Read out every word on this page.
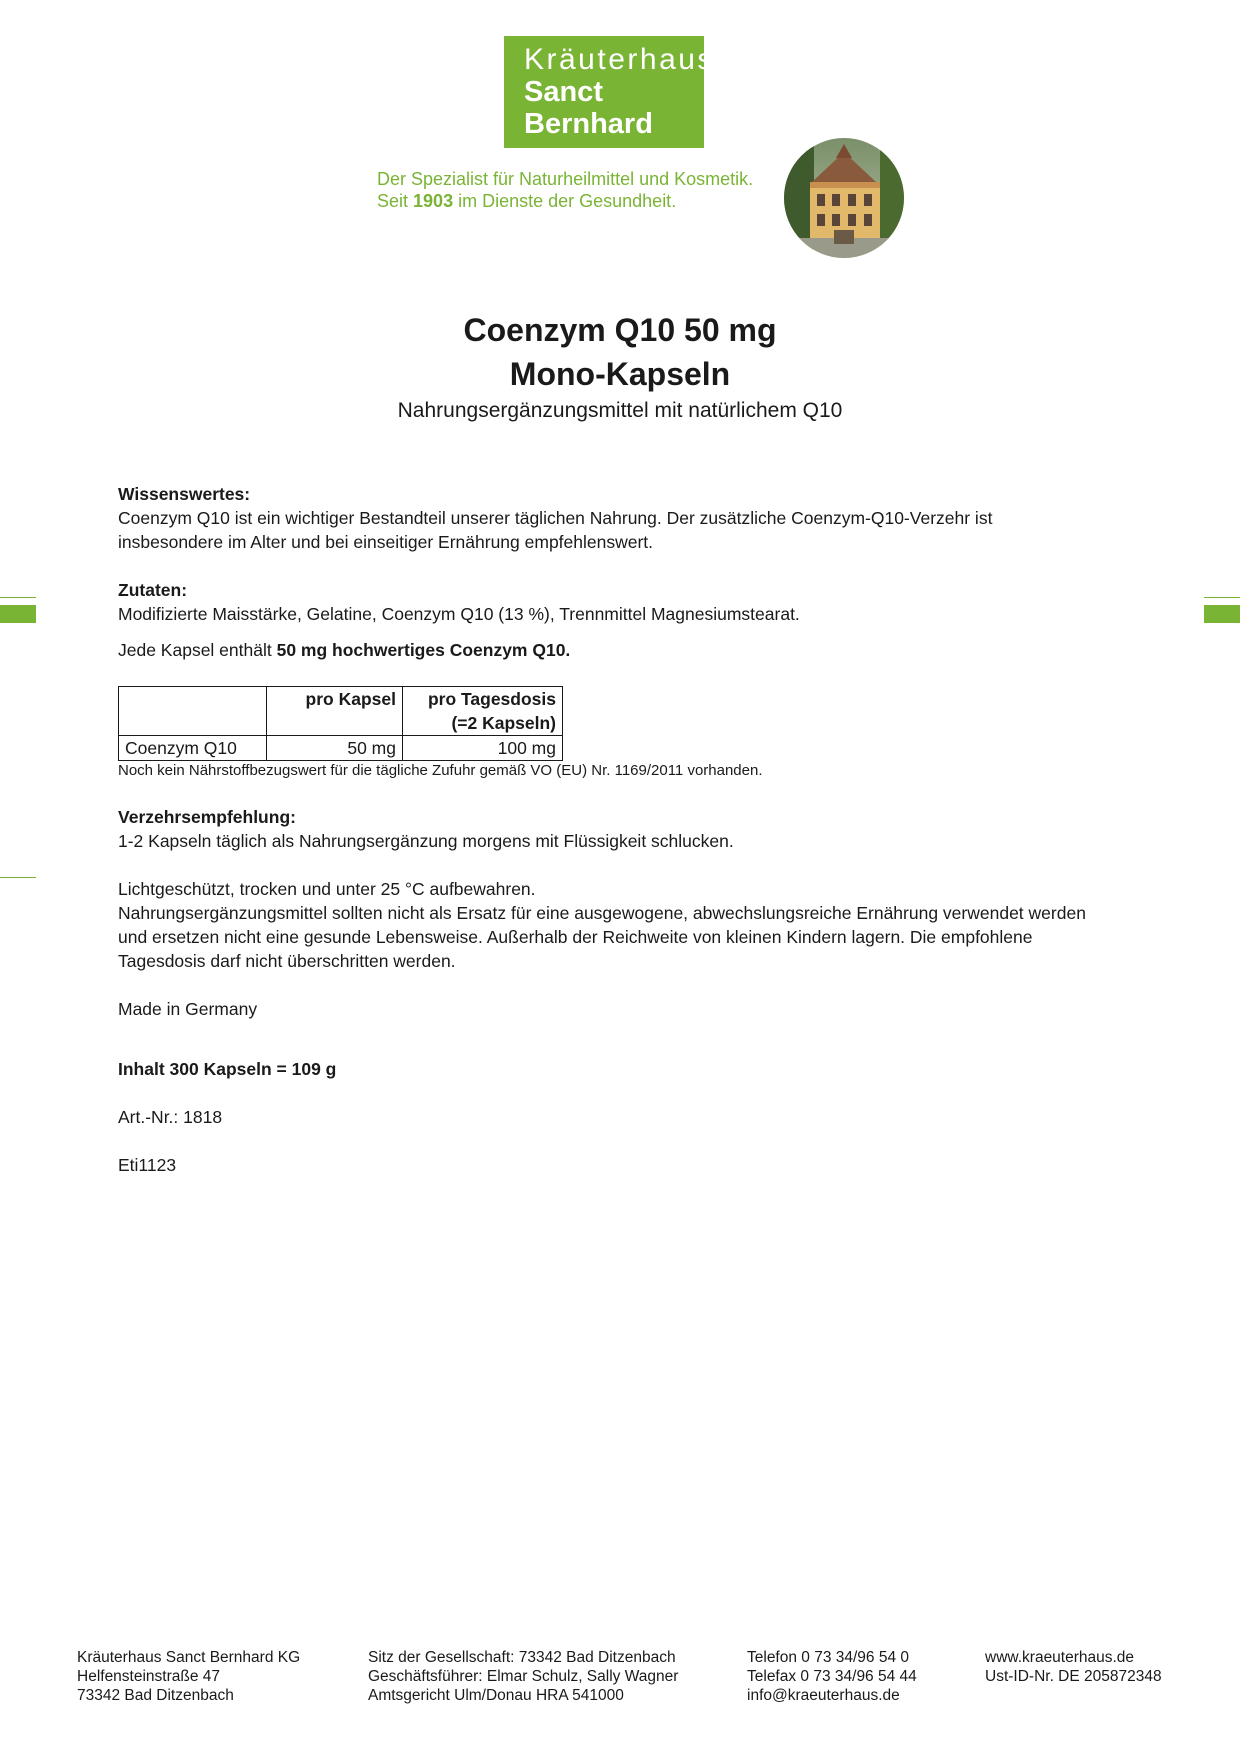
Kräuterhaus
Sanct Bernhard
Der Spezialist für Naturheilmittel und Kosmetik.
Seit 1903 im Dienste der Gesundheit.
Coenzym Q10 50 mg
Mono-Kapseln
Nahrungsergänzungsmittel mit natürlichem Q10

Wissenswertes:

Coenzym Q10 ist ein wichtiger Bestandteil unserer täglichen Nahrung. Der zusätzliche Coenzym-Q10-Verzehr ist

insbesondere im Alter und bei einseitiger Ernährung empfehlenswert.

Zutaten:

Modifizierte Maisstärke, Gelatine, Coenzym Q10 (13 %), Trennmittel Magnesiumstearat.

Jede Kapsel enthält 50 mg hochwertiges Coenzym Q10.

	pro Kapsel	pro Tagesdosis
(=2 Kapseln)

Coenzym Q10	50 mg	100 mg

Noch kein Nährstoffbezugswert für die tägliche Zufuhr gemäß VO (EU) Nr. 1169/2011 vorhanden.

Verzehrsempfehlung:

1-2 Kapseln täglich als Nahrungsergänzung morgens mit Flüssigkeit schlucken.

Lichtgeschützt, trocken und unter 25 °C aufbewahren.

Nahrungsergänzungsmittel sollten nicht als Ersatz für eine ausgewogene, abwechslungsreiche Ernährung verwendet werden

und ersetzen nicht eine gesunde Lebensweise. Außerhalb der Reichweite von kleinen Kindern lagern. Die empfohlene

Tagesdosis darf nicht überschritten werden.

Made in Germany

Inhalt 300 Kapseln = 109 g

Art.-Nr.: 1818

Eti1123

Kräuterhaus Sanct Bernhard KG
Helfensteinstraße 47
73342 Bad Ditzenbach
Sitz der Gesellschaft: 73342 Bad Ditzenbach
Geschäftsführer: Elmar Schulz, Sally Wagner
Amtsgericht Ulm/Donau HRA 541000
Telefon 0 73 34/96 54 0
Telefax 0 73 34/96 54 44
info@kraeuterhaus.de
www.kraeuterhaus.de
Ust-ID-Nr. DE 205872348
